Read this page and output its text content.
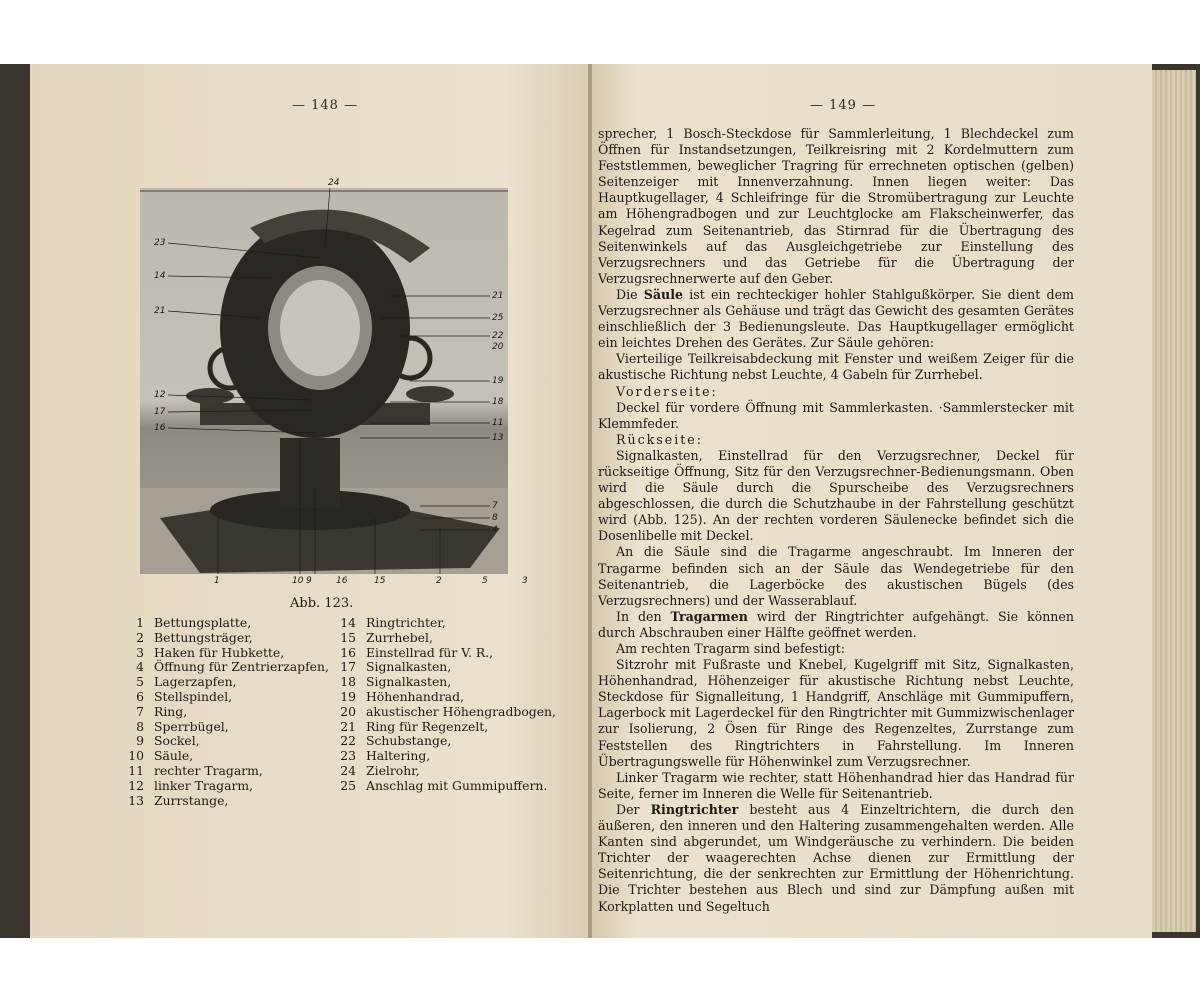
— 148 —
24
23
14
21
12
17
16
21
25
22
20
19
18
11
13
7
8
4
1	10 9	16	15	2	5	3
Abb. 123.
1 Bettungsplatte,
2 Bettungsträger,
3 Haken für Hubkette,
4 Öffnung für Zentrierzapfen,
5 Lagerzapfen,
6 Stellspindel,
7 Ring,
8 Sperrbügel,
9 Sockel,
10 Säule,
11 rechter Tragarm,
12 linker Tragarm,
13 Zurrstange,
14 Ringtrichter,
15 Zurrhebel,
16 Einstellrad für V. R.,
17 Signalkasten,
18 Signalkasten,
19 Höhenhandrad,
20 akustischer Höhengradbogen,
21 Ring für Regenzelt,
22 Schubstange,
23 Haltering,
24 Zielrohr,
25 Anschlag mit Gummipuffern.
— 149 —

sprecher, 1 Bosch-Steckdose für Sammlerleitung, 1 Blechdeckel zum Öffnen für Instandsetzungen, Teilkreisring mit 2 Kordelmuttern zum Feststlemmen, beweglicher Tragring für errechneten optischen (gelben) Seitenzeiger mit Innenverzahnung. Innen liegen weiter: Das Hauptkugellager, 4 Schleifringe für die Stromübertragung zur Leuchte am Höhengradbogen und zur Leuchtglocke am Flakscheinwerfer, das Kegelrad zum Seitenantrieb, das Stirnrad für die Übertragung des Seitenwinkels auf das Ausgleichgetriebe zur Einstellung des Verzugsrechners und das Getriebe für die Übertragung der Verzugsrechnerwerte auf den Geber.

Die Säule ist ein rechteckiger hohler Stahlgußkörper. Sie dient dem Verzugsrechner als Gehäuse und trägt das Gewicht des gesamten Gerätes einschließlich der 3 Bedienungsleute. Das Hauptkugellager ermöglicht ein leichtes Drehen des Gerätes. Zur Säule gehören:

Vierteilige Teilkreisabdeckung mit Fenster und weißem Zeiger für die akustische Richtung nebst Leuchte, 4 Gabeln für Zurrhebel.

Vorderseite:

Deckel für vordere Öffnung mit Sammlerkasten. ·Sammlerstecker mit Klemmfeder.

Rückseite:

Signalkasten, Einstellrad für den Verzugsrechner, Deckel für rückseitige Öffnung, Sitz für den Verzugsrechner-Bedienungsmann. Oben wird die Säule durch die Spurscheibe des Verzugsrechners abgeschlossen, die durch die Schutzhaube in der Fahrstellung geschützt wird (Abb. 125). An der rechten vorderen Säulenecke befindet sich die Dosenlibelle mit Deckel.

An die Säule sind die Tragarme angeschraubt. Im Inneren der Tragarme befinden sich an der Säule das Wendegetriebe für den Seitenantrieb, die Lagerböcke des akustischen Bügels (des Verzugsrechners) und der Wasserablauf.

In den Tragarmen wird der Ringtrichter aufgehängt. Sie können durch Abschrauben einer Hälfte geöffnet werden.

Am rechten Tragarm sind befestigt:

Sitzrohr mit Fußraste und Knebel, Kugelgriff mit Sitz, Signalkasten, Höhenhandrad, Höhenzeiger für akustische Richtung nebst Leuchte, Steckdose für Signalleitung, 1 Handgriff, Anschläge mit Gummipuffern, Lagerbock mit Lagerdeckel für den Ringtrichter mit Gummizwischenlager zur Isolierung, 2 Ösen für Ringe des Regenzeltes, Zurrstange zum Feststellen des Ringtrichters in Fahrstellung. Im Inneren Übertragungswelle für Höhenwinkel zum Verzugsrechner.

Linker Tragarm wie rechter, statt Höhenhandrad hier das Handrad für Seite, ferner im Inneren die Welle für Seitenantrieb.

Der Ringtrichter besteht aus 4 Einzeltrichtern, die durch den äußeren, den inneren und den Haltering zusammengehalten werden. Alle Kanten sind abgerundet, um Windgeräusche zu verhindern. Die beiden Trichter der waagerechten Achse dienen zur Ermittlung der Seitenrichtung, die der senkrechten zur Ermittlung der Höhenrichtung. Die Trichter bestehen aus Blech und sind zur Dämpfung außen mit Korkplatten und Segeltuch
